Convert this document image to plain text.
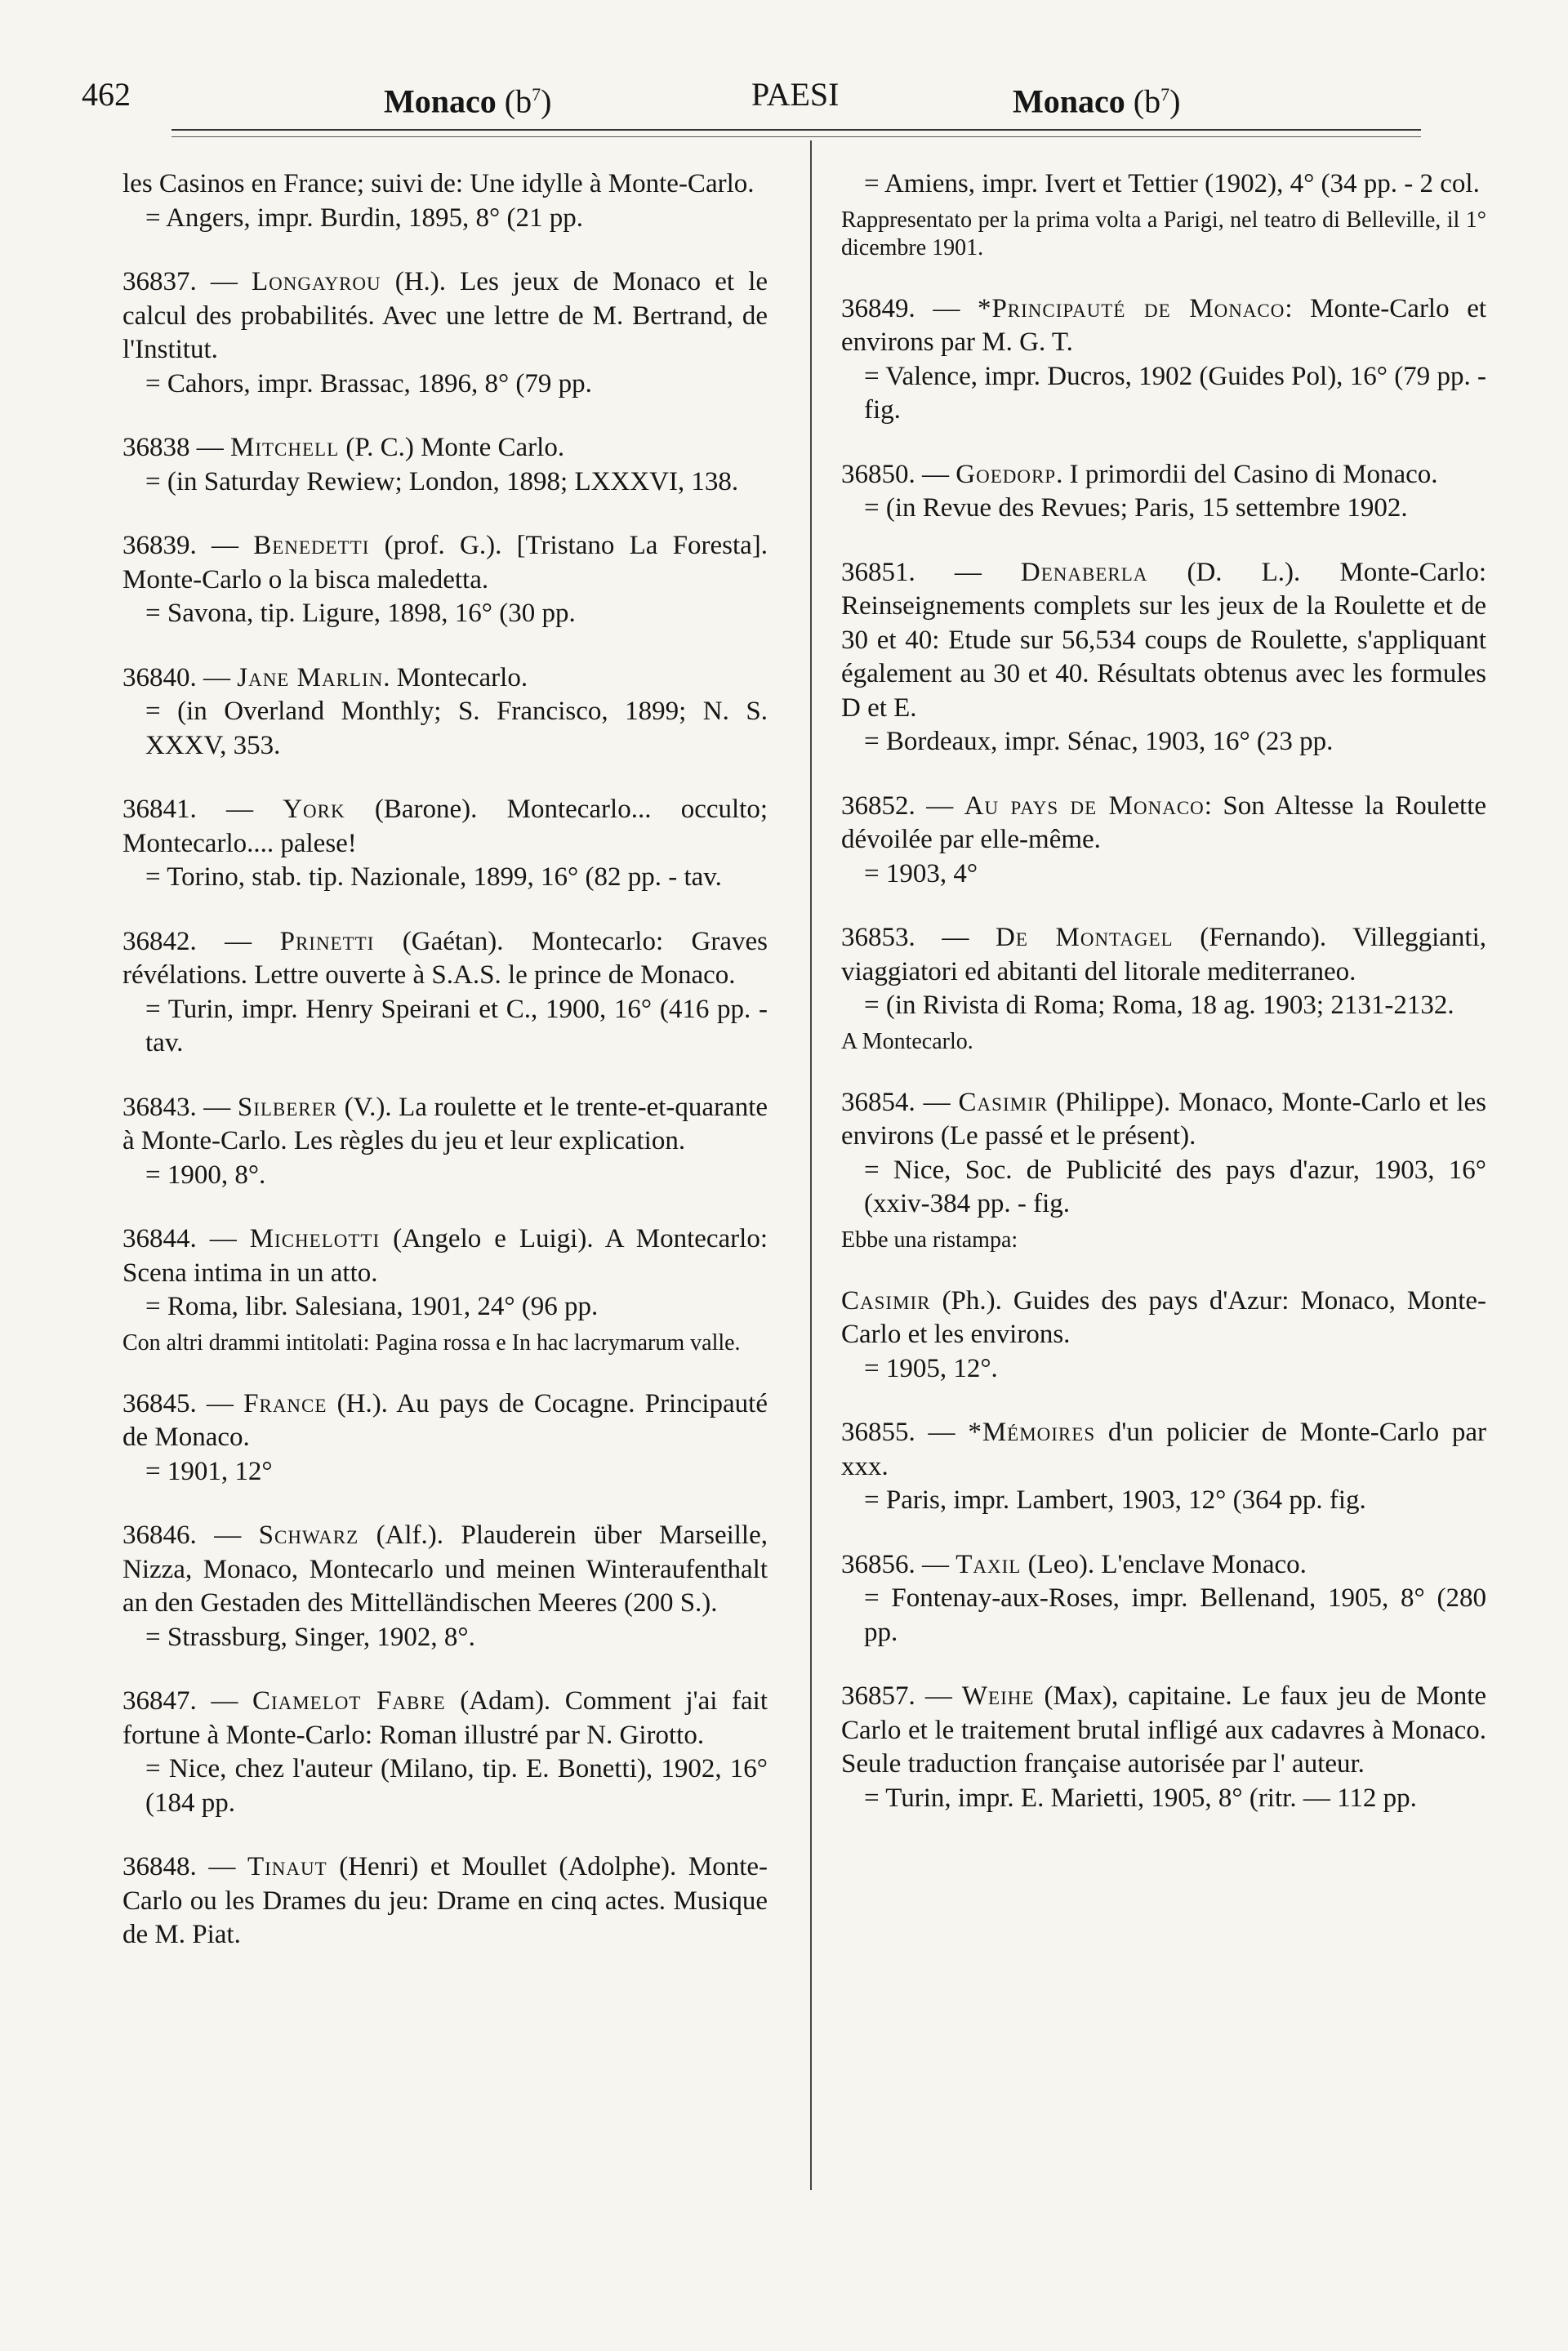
462	Monaco $(b^7)$	PAESI	Monaco $(b^7)$

les Casinos en France; suivi de: Une idylle à Monte-Carlo.

= Angers, impr. Burdin, 1895, 8° (21 pp.

36837. — Longayrou (H.). Les jeux de Monaco et le calcul des probabilités. Avec une lettre de M. Bertrand, de l'Institut.

= Cahors, impr. Brassac, 1896, 8° (79 pp.

36838 — Mitchell (P. C.) Monte Carlo.

= (in Saturday Rewiew; London, 1898; LXXXVI, 138.

36839. — Benedetti (prof. G.). [Tristano La Foresta]. Monte-Carlo o la bisca maledetta.

= Savona, tip. Ligure, 1898, 16° (30 pp.

36840. — Jane Marlin. Montecarlo.

= (in Overland Monthly; S. Francisco, 1899; N. S. XXXV, 353.

36841. — York (Barone). Montecarlo... occulto; Montecarlo.... palese!

= Torino, stab. tip. Nazionale, 1899, 16° (82 pp. - tav.

36842. — Prinetti (Gaétan). Montecarlo: Graves révélations. Lettre ouverte à S.A.S. le prince de Monaco.

= Turin, impr. Henry Speirani et C., 1900, 16° (416 pp. - tav.

36843. — Silberer (V.). La roulette et le trente-et-quarante à Monte-Carlo. Les règles du jeu et leur explication.

= 1900, 8°.

36844. — Michelotti (Angelo e Luigi). A Montecarlo: Scena intima in un atto.

= Roma, libr. Salesiana, 1901, 24° (96 pp.

Con altri drammi intitolati: Pagina rossa e In hac lacrymarum valle.

36845. — France (H.). Au pays de Cocagne. Principauté de Monaco.

= 1901, 12°

36846. — Schwarz (Alf.). Plauderein über Marseille, Nizza, Monaco, Montecarlo und meinen Winteraufenthalt an den Gestaden des Mittelländischen Meeres (200 S.).

= Strassburg, Singer, 1902, 8°.

36847. — Ciamelot Fabre (Adam). Comment j'ai fait fortune à Monte-Carlo: Roman illustré par N. Girotto.

= Nice, chez l'auteur (Milano, tip. E. Bonetti), 1902, 16° (184 pp.

36848. — Tinaut (Henri) et Moullet (Adolphe). Monte-Carlo ou les Drames du jeu: Drame en cinq actes. Musique de M. Piat.

= Amiens, impr. Ivert et Tettier (1902), 4° (34 pp. - 2 col.

Rappresentato per la prima volta a Parigi, nel teatro di Belleville, il 1° dicembre 1901.

36849. — *Principauté de Monaco: Monte-Carlo et environs par M. G. T.

= Valence, impr. Ducros, 1902 (Guides Pol), 16° (79 pp. - fig.

36850. — Goedorp. I primordii del Casino di Monaco.

= (in Revue des Revues; Paris, 15 settembre 1902.

36851. — Denaberla (D. L.). Monte-Carlo: Reinseignements complets sur les jeux de la Roulette et de 30 et 40: Etude sur 56,534 coups de Roulette, s'appliquant également au 30 et 40. Résultats obtenus avec les formules D et E.

= Bordeaux, impr. Sénac, 1903, 16° (23 pp.

36852. — Au pays de Monaco: Son Altesse la Roulette dévoilée par elle-même.

= 1903, 4°

36853. — De Montagel (Fernando). Villeggianti, viaggiatori ed abitanti del litorale mediterraneo.

= (in Rivista di Roma; Roma, 18 ag. 1903; 2131-2132.

A Montecarlo.

36854. — Casimir (Philippe). Monaco, Monte-Carlo et les environs (Le passé et le présent).

= Nice, Soc. de Publicité des pays d'azur, 1903, 16° (xxiv-384 pp. - fig.

Ebbe una ristampa:

Casimir (Ph.). Guides des pays d'Azur: Monaco, Monte-Carlo et les environs.

= 1905, 12°.

36855. — *Mémoires d'un policier de Monte-Carlo par xxx.

= Paris, impr. Lambert, 1903, 12° (364 pp. fig.

36856. — Taxil (Leo). L'enclave Monaco.

= Fontenay-aux-Roses, impr. Bellenand, 1905, 8° (280 pp.

36857. — Weihe (Max), capitaine. Le faux jeu de Monte Carlo et le traitement brutal infligé aux cadavres à Monaco. Seule traduction française autorisée par l' auteur.

= Turin, impr. E. Marietti, 1905, 8° (ritr. — 112 pp.
